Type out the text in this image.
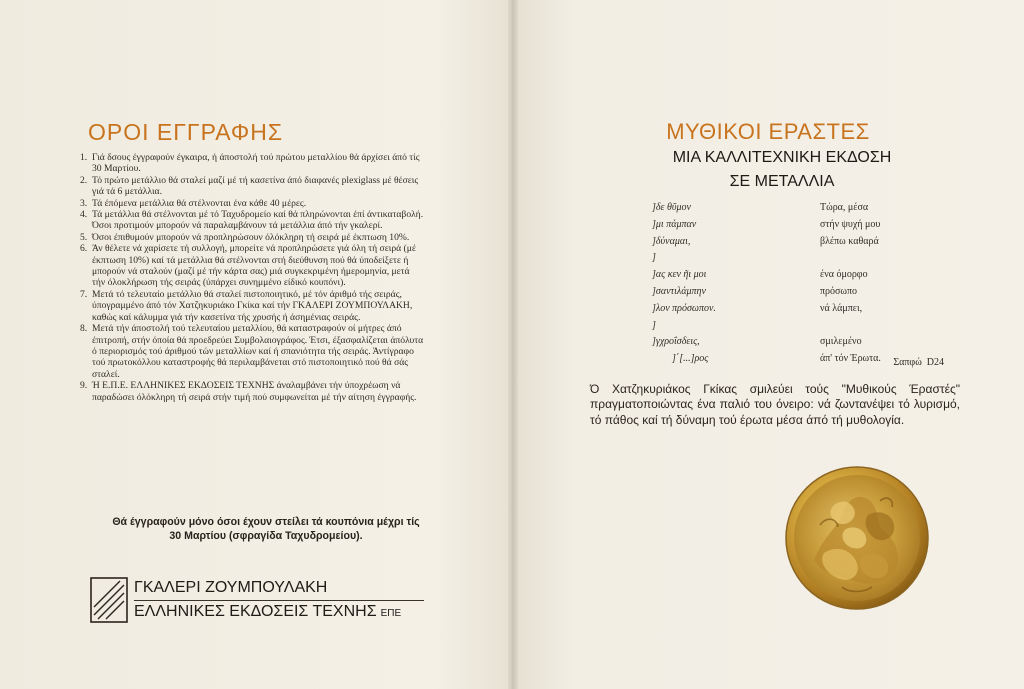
ΟΡΟΙ ΕΓΓΡΑΦΗΣ
1. Γιά δσους έγγραφούν έγκαιρα, ή άποστολή τού πρώτου μεταλλίου θά άρχίσει άπό τίς 30 Μαρτίου.
2. Τό πρώτο μετάλλιο θά σταλεί μαζί μέ τή κασετίνα άπό διαφανές plexiglass μέ θέσεις γιά τά 6 μετάλλια.
3. Τά έπόμενα μετάλλια θά στέλνονται ένα κάθε 40 μέρες.
4. Τά μετάλλια θά στέλνονται μέ τό Ταχυδρομείο καί θά πληρώνονται έπί άντικαταβολή. Όσοι προτιμούν μπορούν νά παραλαμβάνουν τά μετάλλια άπό τήν γκαλερί.
5. Όσοι έπιθυμούν μπορούν νά προπληρώσουν όλόκληρη τή σειρά μέ έκπτωση 10%.
6. Άν θέλετε νά χαρίσετε τή συλλογή, μπορείτε νά προπληρώσετε γιά όλη τή σειρά (μέ έκπτωση 10%) καί τά μετάλλια θά στέλνονται στή διεύθυνση πού θά ύποδείξετε ή μπορούν νά σταλούν (μαζί μέ τήν κάρτα σας) μιά συγκεκριμένη ήμερομηνία, μετά τήν όλοκλήρωση τής σειράς (ύπάρχει συνημμένο είδικό κουπόνι).
7. Μετά τό τελευταίο μετάλλιο θά σταλεί πιστοποιητικό, μέ τόν άριθμό τής σειράς, ύπογραμμένο άπό τόν Χατζηκυριάκο Γκίκα καί τήν ΓΚΑΛΕΡΙ ΖΟΥΜΠΟΥΛΑΚΗ, καθώς καί κάλυμμα γιά τήν κασετίνα τής χρυσής ή άσημένιας σειράς.
8. Μετά τήν άποστολή τού τελευταίου μεταλλίου, θά καταστραφούν οί μήτρες άπό έπιτροπή, στήν όποία θά προεδρεύει Συμβολαιογράφος. Έτσι, έξασφαλίζεται άπόλυτα ό περιορισμός τού άριθμού τών μεταλλίων καί ή σπανιότητα τής σειράς. Άντίγραφο τού πρωτοκόλλου καταστροφής θά περιλαμβάνεται στό πιστοποιητικό πού θά σάς σταλεί.
9. Ή Ε.Π.Ε. ΕΛΛΗΝΙΚΕΣ ΕΚΔΟΣΕΙΣ ΤΕΧΝΗΣ άναλαμβάνει τήν ύποχρέωση νά παραδώσει όλόκληρη τή σειρά στήν τιμή πού συμφωνείται μέ τήν αίτηση έγγραφής.
Θά έγγραφούν μόνο όσοι έχουν στείλει τά κουπόνια μέχρι τίς 30 Μαρτίου (σφραγίδα Ταχυδρομείου).
ΓΚΑΛΕΡΙ ΖΟΥΜΠΟΥΛΑΚΗ
ΕΛΛΗΝΙΚΕΣ ΕΚΔΟΣΕΙΣ ΤΕΧΝΗΣ ΕΠΕ
ΜΥΘΙΚΟΙ ΕΡΑΣΤΕΣ
ΜΙΑ ΚΑΛΛΙΤΕΧΝΙΚΗ ΕΚΔΟΣΗ
ΣΕ ΜΕΤΑΛΛΙΑ
]δε θῦμον	Τώρα, μέσα
]μι πάμπαν	στήν ψυχή μου
]δύναμαι,	βλέπω καθαρά
]
]ας κεν ῆι μοι	ένα όμορφο
]σαντιλάμπην	πρόσωπο
]λον πρόσωπον.	νά λάμπει,
]
]γχροΐσδεις,	σμιλεμένο
]΄[...]ρος	άπ' τόν Έρωτα.	Σαπφώ  D24
Ό Χατζηκυριάκος Γκίκας σμιλεύει τούς "Μυθικούς Έραστές" πραγματοποιώντας ένα παλιό του όνειρο: νά ζωντανέψει τό λυρισμό, τό πάθος καί τή δύναμη τού έρωτα μέσα άπό τή μυθολογία.
